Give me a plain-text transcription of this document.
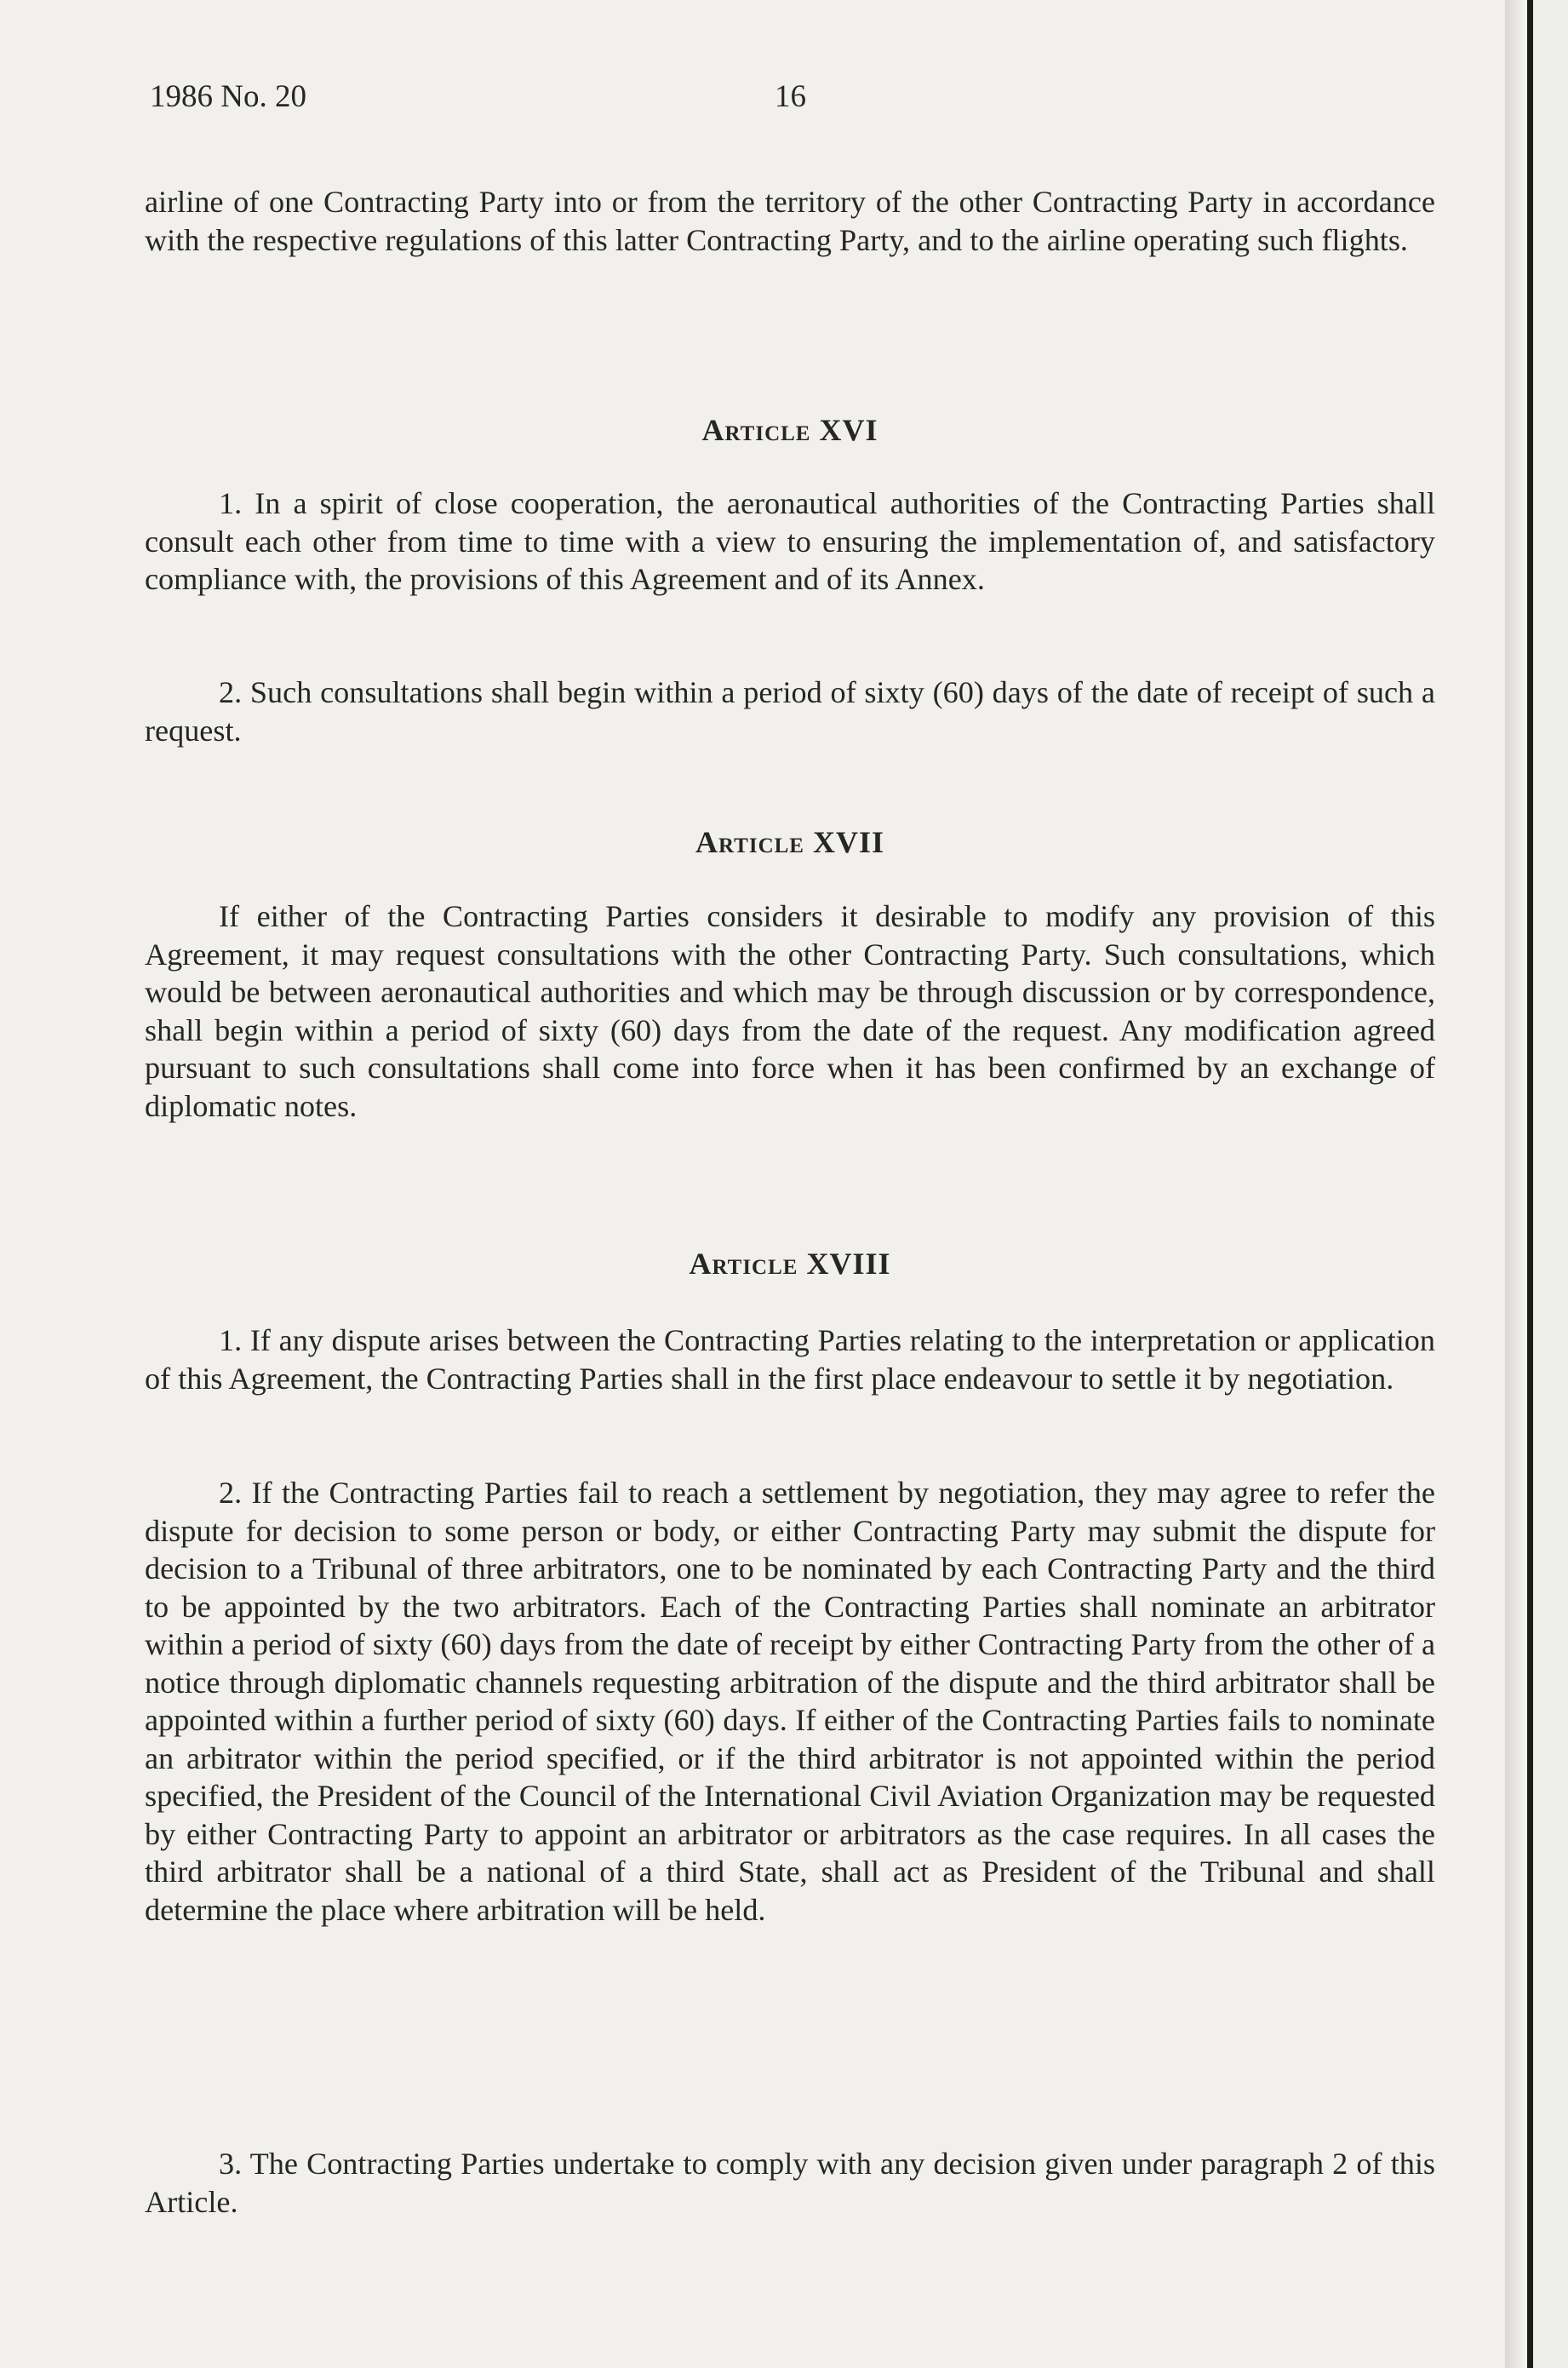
1986 No. 20	16

airline of one Contracting Party into or from the territory of the other Contracting Party in accordance with the respective regulations of this latter Contracting Party, and to the airline operating such flights.

Article XVI

1. In a spirit of close cooperation, the aeronautical authorities of the Contracting Parties shall consult each other from time to time with a view to ensuring the implementation of, and satisfactory compliance with, the provisions of this Agreement and of its Annex.

2. Such consultations shall begin within a period of sixty (60) days of the date of receipt of such a request.

Article XVII

If either of the Contracting Parties considers it desirable to modify any provision of this Agreement, it may request consultations with the other Contracting Party. Such consultations, which would be between aeronautical authorities and which may be through discussion or by correspondence, shall begin within a period of sixty (60) days from the date of the request. Any modification agreed pursuant to such consultations shall come into force when it has been confirmed by an exchange of diplomatic notes.

Article XVIII

1. If any dispute arises between the Contracting Parties relating to the interpretation or application of this Agreement, the Contracting Parties shall in the first place endeavour to settle it by negotiation.

2. If the Contracting Parties fail to reach a settlement by negotiation, they may agree to refer the dispute for decision to some person or body, or either Contracting Party may submit the dispute for decision to a Tribunal of three arbitrators, one to be nominated by each Contracting Party and the third to be appointed by the two arbitrators. Each of the Contracting Parties shall nominate an arbitrator within a period of sixty (60) days from the date of receipt by either Contracting Party from the other of a notice through diplomatic channels requesting arbitration of the dispute and the third arbitrator shall be appointed within a further period of sixty (60) days. If either of the Contracting Parties fails to nominate an arbitrator within the period specified, or if the third arbitrator is not appointed within the period specified, the President of the Council of the International Civil Aviation Organization may be requested by either Contracting Party to appoint an arbitrator or arbitrators as the case requires. In all cases the third arbitrator shall be a national of a third State, shall act as President of the Tribunal and shall determine the place where arbitration will be held.

3. The Contracting Parties undertake to comply with any decision given under paragraph 2 of this Article.
